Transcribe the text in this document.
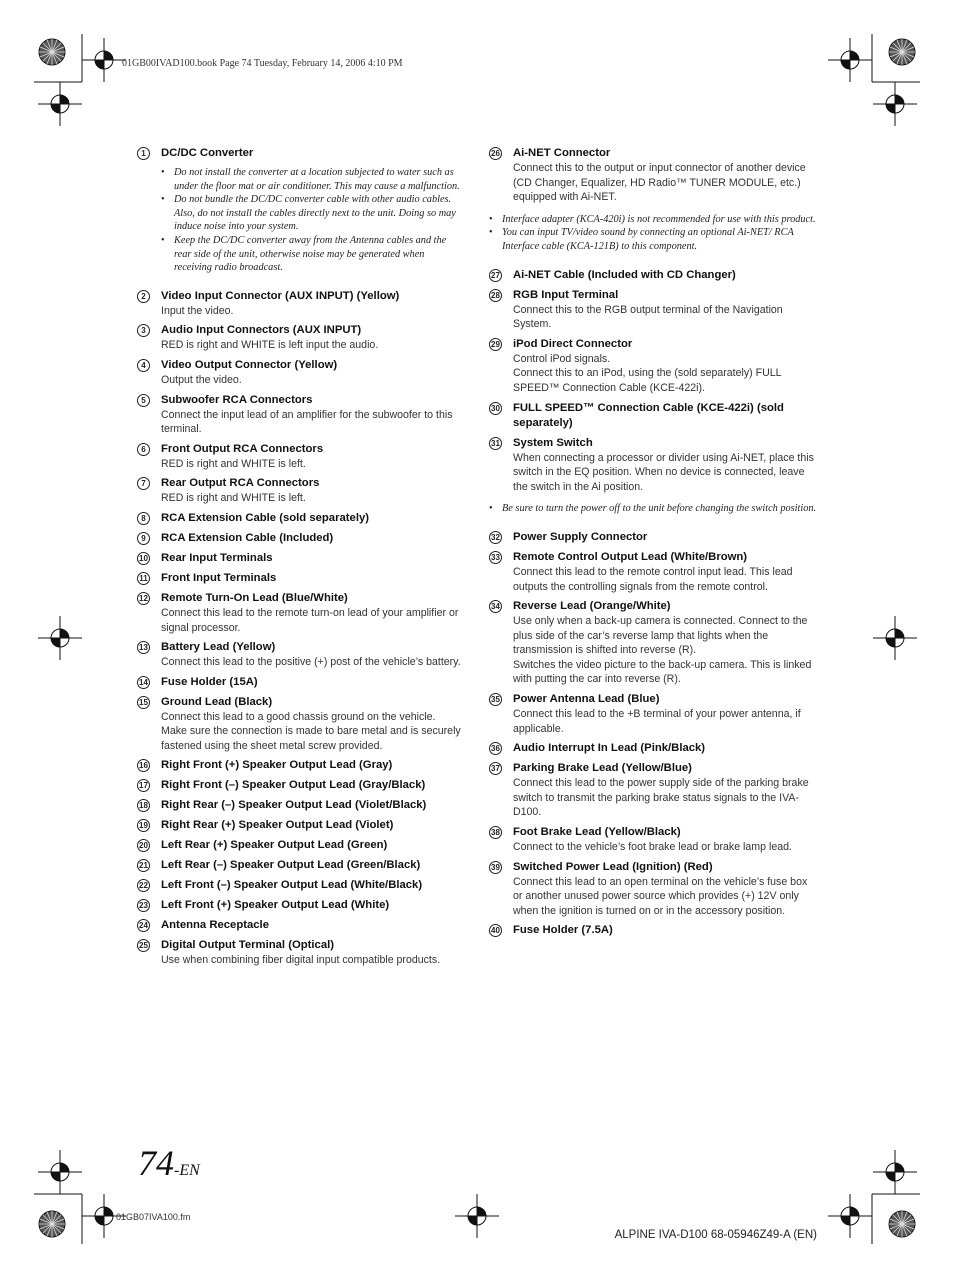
01GB00IVAD100.book Page 74 Tuesday, February 14, 2006 4:10 PM
1	DC/DC Converter
• Do not install the converter at a location subjected to water such as under the floor mat or air conditioner. This may cause a malfunction.
• Do not bundle the DC/DC converter cable with other audio cables. Also, do not install the cables directly next to the unit. Doing so may induce noise into your system.
• Keep the DC/DC converter away from the Antenna cables and the rear side of the unit, otherwise noise may be generated when receiving radio broadcast.
2	Video Input Connector (AUX INPUT) (Yellow)
Input the video.
3	Audio Input Connectors (AUX INPUT)
RED is right and WHITE is left input the audio.
4	Video Output Connector (Yellow)
Output the video.
5	Subwoofer RCA Connectors
Connect the input lead of an amplifier for the subwoofer to this terminal.
6	Front Output RCA Connectors
RED is right and WHITE is left.
7	Rear Output RCA Connectors
RED is right and WHITE is left.
8	RCA Extension Cable (sold separately)
9	RCA Extension Cable (Included)
10 Rear Input Terminals
11 Front Input Terminals
12 Remote Turn-On Lead (Blue/White)
Connect this lead to the remote turn-on lead of your amplifier or signal processor.
13 Battery Lead (Yellow)
Connect this lead to the positive (+) post of the vehicle’s battery.
14 Fuse Holder (15A)
15 Ground Lead (Black)
Connect this lead to a good chassis ground on the vehicle. Make sure the connection is made to bare metal and is securely fastened using the sheet metal screw provided.
16 Right Front (+) Speaker Output Lead (Gray)
17 Right Front (–) Speaker Output Lead (Gray/Black)
18 Right Rear (–) Speaker Output Lead (Violet/Black)
19 Right Rear (+) Speaker Output Lead (Violet)
20 Left Rear (+) Speaker Output Lead (Green)
21 Left Rear (–) Speaker Output Lead (Green/Black)
22 Left Front (–) Speaker Output Lead (White/Black)
23 Left Front (+) Speaker Output Lead (White)
24 Antenna Receptacle
25 Digital Output Terminal (Optical)
Use when combining fiber digital input compatible products.
26 Ai-NET Connector
Connect this to the output or input connector of another device (CD Changer, Equalizer, HD Radio™ TUNER MODULE, etc.) equipped with Ai-NET.
• Interface adapter (KCA-420i) is not recommended for use with this product.
• You can input TV/video sound by connecting an optional Ai-NET/ RCA Interface cable (KCA-121B) to this component.
27 Ai-NET Cable (Included with CD Changer)
28 RGB Input Terminal
Connect this to the RGB output terminal of the Navigation System.
29 iPod Direct Connector
Control iPod signals.
Connect this to an iPod, using the (sold separately) FULL SPEED™ Connection Cable (KCE-422i).
30 FULL SPEED™ Connection Cable (KCE-422i) (sold separately)
31 System Switch
When connecting a processor or divider using Ai-NET, place this switch in the EQ position. When no device is connected, leave the switch in the Ai position.
• Be sure to turn the power off to the unit before changing the switch position.
32 Power Supply Connector
33 Remote Control Output Lead (White/Brown)
Connect this lead to the remote control input lead. This lead outputs the controlling signals from the remote control.
34 Reverse Lead (Orange/White)
Use only when a back-up camera is connected. Connect to the plus side of the car’s reverse lamp that lights when the transmission is shifted into reverse (R).
Switches the video picture to the back-up camera. This is linked with putting the car into reverse (R).
35 Power Antenna Lead (Blue)
Connect this lead to the +B terminal of your power antenna, if applicable.
36 Audio Interrupt In Lead (Pink/Black)
37 Parking Brake Lead (Yellow/Blue)
Connect this lead to the power supply side of the parking brake switch to transmit the parking brake status signals to the IVA-D100.
38 Foot Brake Lead (Yellow/Black)
Connect to the vehicle’s foot brake lead or brake lamp lead.
39 Switched Power Lead (Ignition) (Red)
Connect this lead to an open terminal on the vehicle’s fuse box or another unused power source which provides (+) 12V only when the ignition is turned on or in the accessory position.
40 Fuse Holder (7.5A)
74-EN
01GB07IVA100.fm
ALPINE IVA-D100 68-05946Z49-A (EN)
